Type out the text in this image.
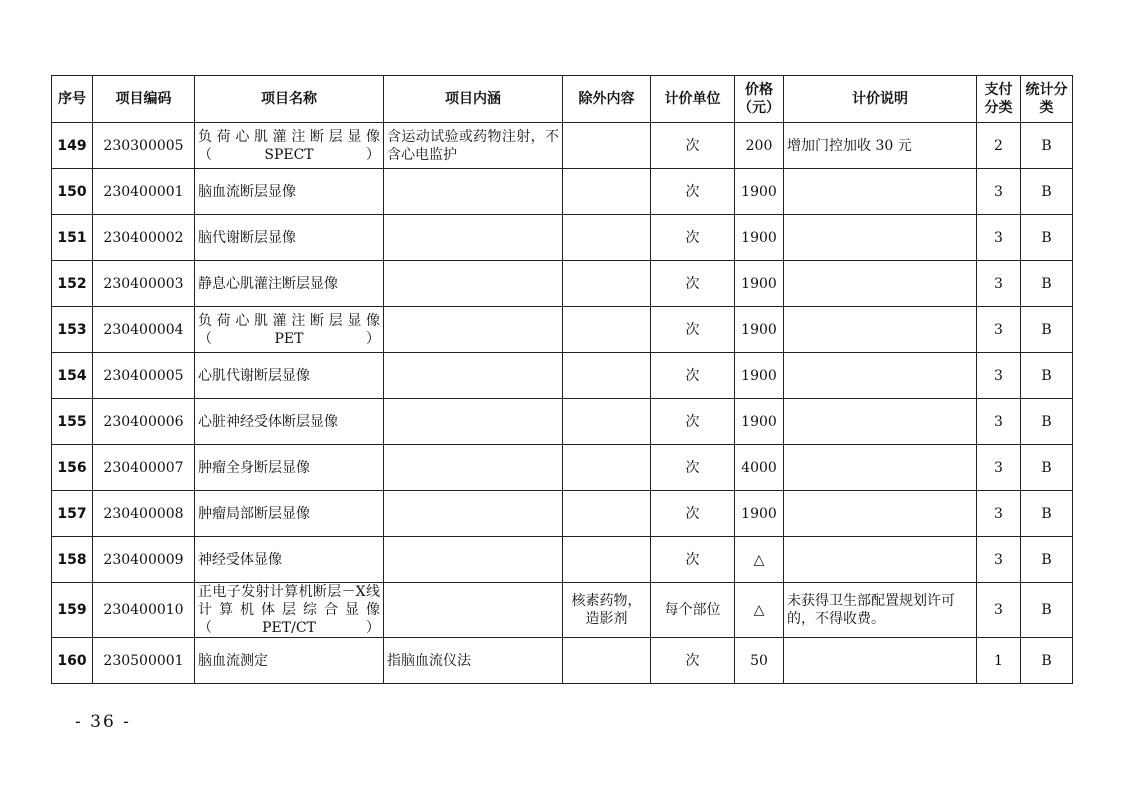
序号	项目编码	项目名称	项目内涵	除外内容	计价单位	价格（元）	计价说明	支付分类	统计分类
149	230300005	负荷心肌灌注断层显像（SPECT）	含运动试验或药物注射，不含心电监护		次	200	增加门控加收 30 元	2	B
150	230400001	脑血流断层显像			次	1900		3	B
151	230400002	脑代谢断层显像			次	1900		3	B
152	230400003	静息心肌灌注断层显像			次	1900		3	B
153	230400004	负荷心肌灌注断层显像（PET）			次	1900		3	B
154	230400005	心肌代谢断层显像			次	1900		3	B
155	230400006	心脏神经受体断层显像			次	1900		3	B
156	230400007	肿瘤全身断层显像			次	4000		3	B
157	230400008	肿瘤局部断层显像			次	1900		3	B
158	230400009	神经受体显像			次	△		3	B
159	230400010	正电子发射计算机断层－X线计算机体层综合显像（PET/CT）		核素药物，造影剂	每个部位	△	未获得卫生部配置规划许可的，不得收费。	3	B
160	230500001	脑血流测定	指脑血流仪法		次	50		1	B
- 36 -
